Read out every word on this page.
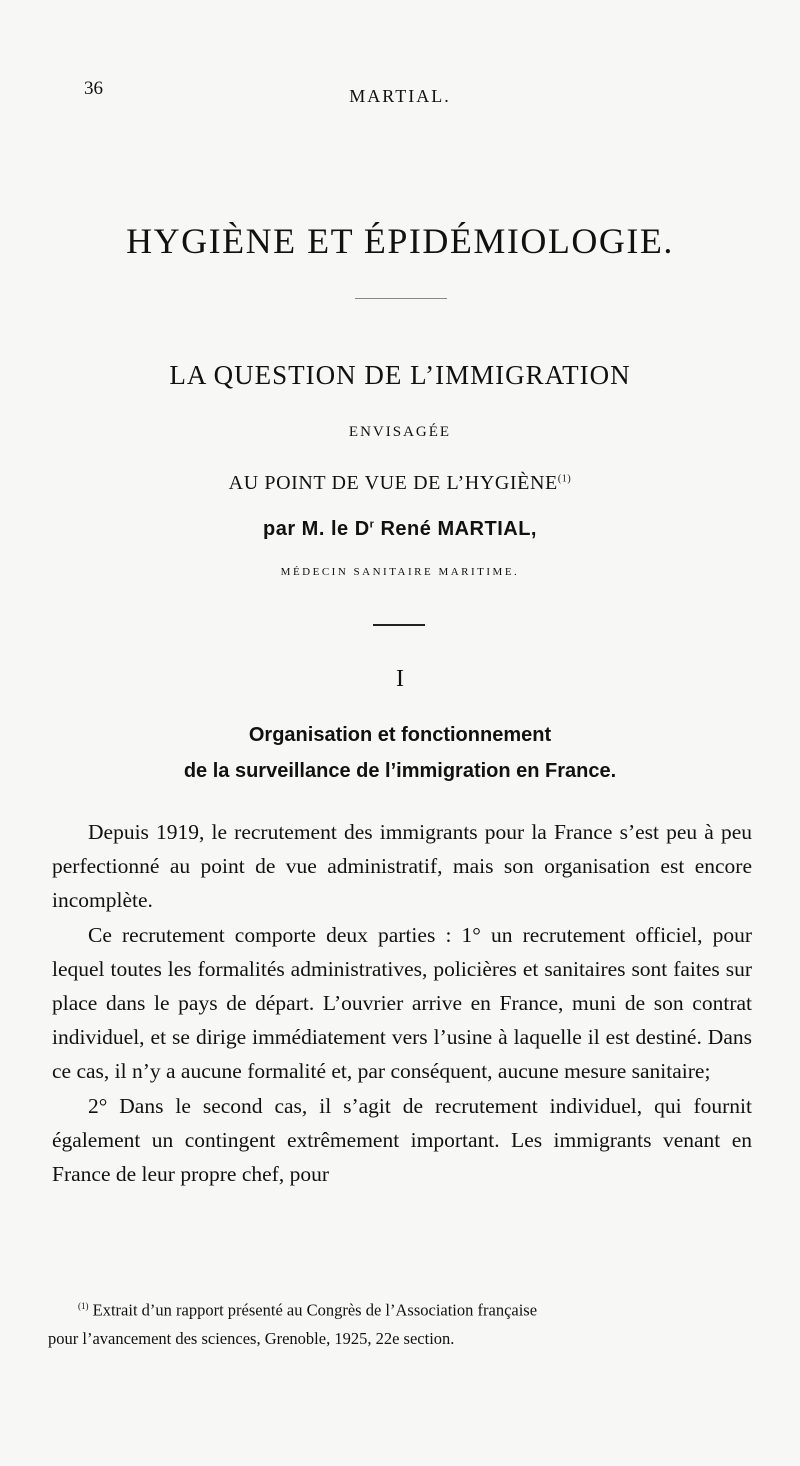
36	MARTIAL.
HYGIÈNE ET ÉPIDÉMIOLOGIE.
LA QUESTION DE L’IMMIGRATION
ENVISAGÉE
AU POINT DE VUE DE L’HYGIÈNE$^{(1)}$
par M. le $D^r$ René MARTIAL,
MÉDECIN SANITAIRE MARITIME.
I
Organisation et fonctionnement
de la surveillance de l’immigration en France.

Depuis 1919, le recrutement des immigrants pour la France s’est peu à peu perfectionné au point de vue administratif, mais son organisation est encore incomplète.

Ce recrutement comporte deux parties : 1° un recrutement officiel, pour lequel toutes les formalités administratives, policières et sanitaires sont faites sur place dans le pays de départ. L’ouvrier arrive en France, muni de son contrat individuel, et se dirige immédiatement vers l’usine à laquelle il est destiné. Dans ce cas, il n’y a aucune formalité et, par conséquent, aucune mesure sanitaire;

2° Dans le second cas, il s’agit de recrutement individuel, qui fournit également un contingent extrêmement important. Les immigrants venant en France de leur propre chef, pour

$^{(1)}$ Extrait d’un rapport présenté au Congrès de l’Association française
pour l’avancement des sciences, Grenoble, 1925, 22e section.
